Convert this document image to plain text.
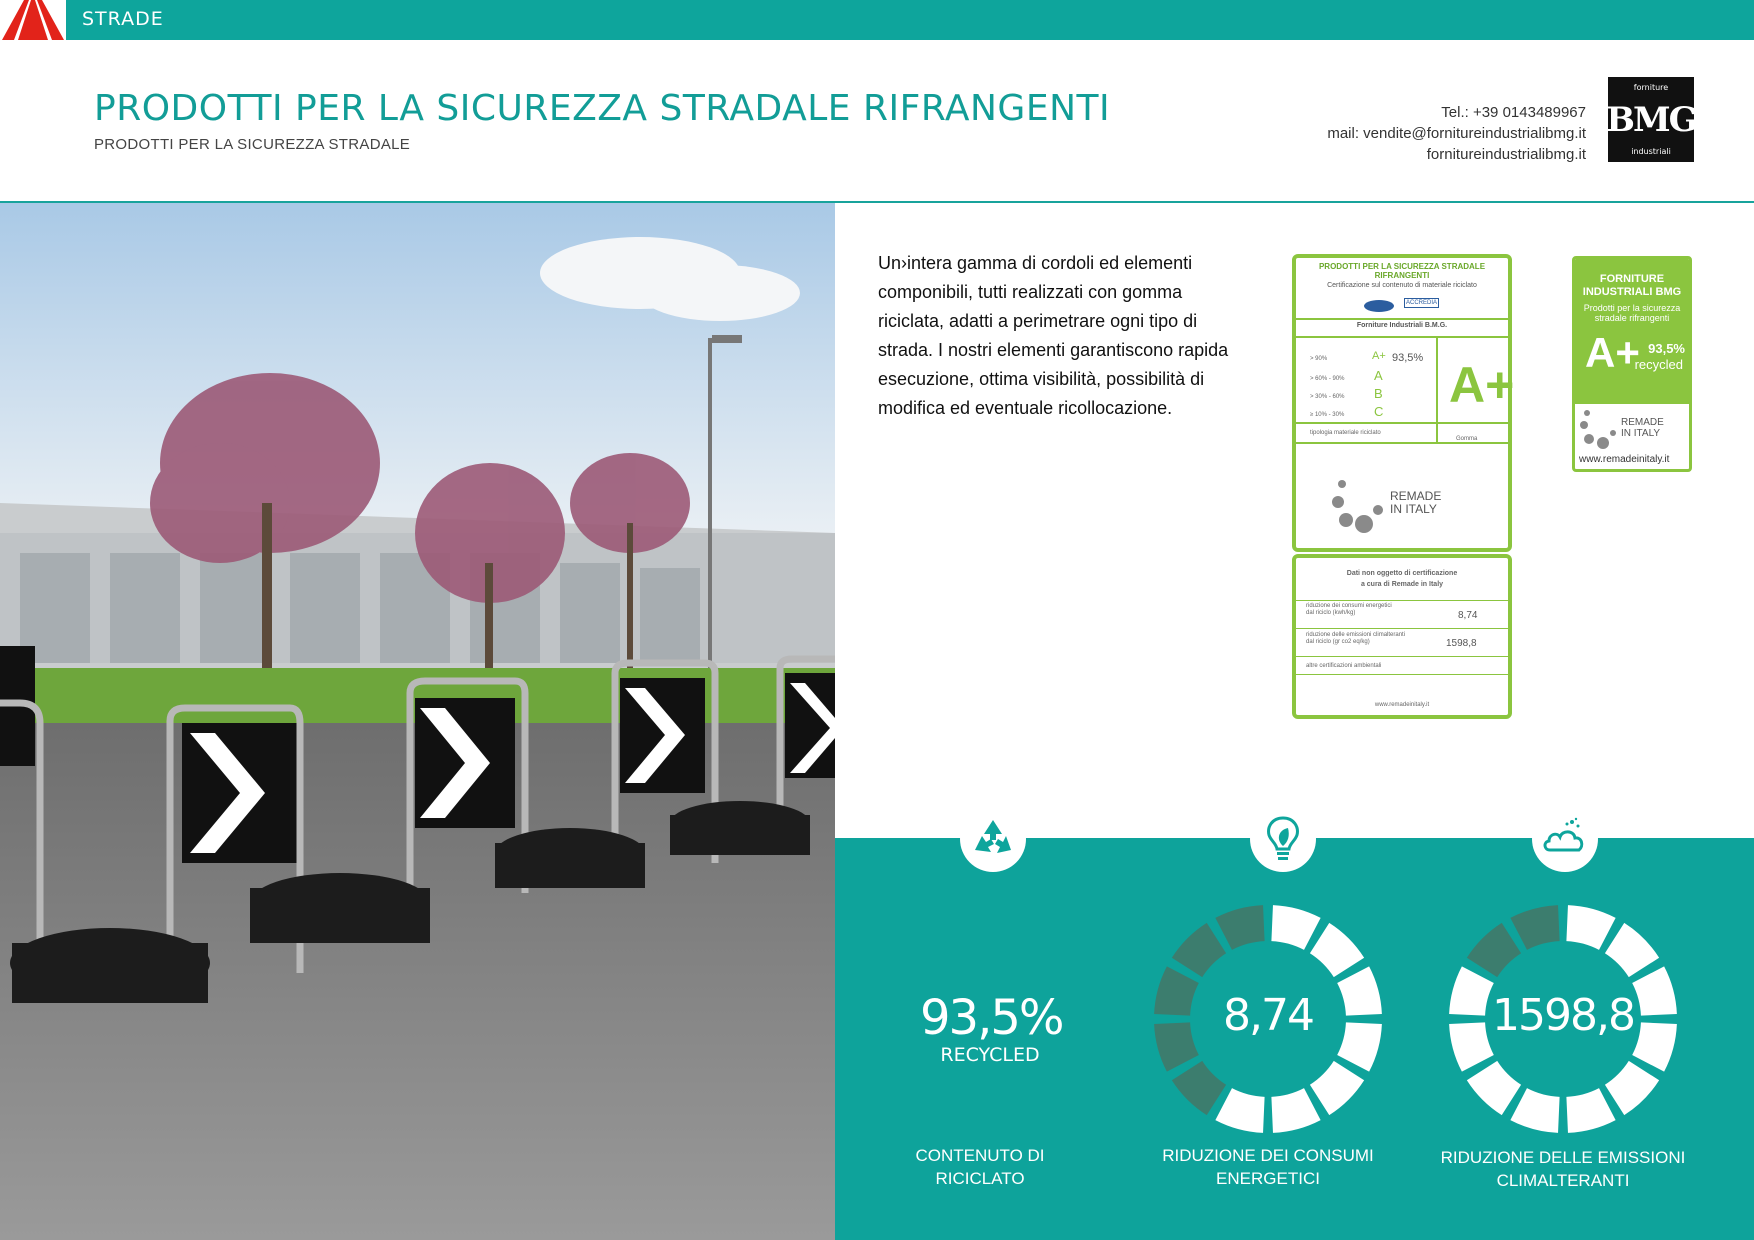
STRADE
PRODOTTI PER LA SICUREZZA STRADALE RIFRANGENTI
PRODOTTI PER LA SICUREZZA STRADALE
Tel.: +39 0143489967
mail: vendite@fornitureindustrialibmg.it
fornitureindustrialibmg.it
BMG
forniture
industriali
Un›intera gamma di cordoli ed elementi componibili, tutti realizzati con gomma riciclata, adatti a perimetrare ogni tipo di strada. I nostri elementi garantiscono rapida esecuzione, ottima visibilità, possibilità di modifica ed eventuale ricollocazione.
PRODOTTI PER LA SICUREZZA STRADALE RIFRANGENTI
Certificazione sul contenuto di materiale riciclato
ACCREDIA
Forniture Industriali B.M.G.
> 90%
> 60% - 90%
> 30% - 60%
≥ 10% - 30%
A+
A
B
C
93,5% A+
tipologia materiale riciclato
Gomma
REMADE
IN ITALY
Dati non oggetto di certificazione
a cura di Remade in Italy
riduzione dei consumi energetici
dal riciclo (kwh/kg)	8,74
riduzione delle emissioni climalteranti
dal riciclo (gr co2 eq/kg)	1598,8
altre certificazioni ambientali
www.remadeinitaly.it
FORNITURE
INDUSTRIALI BMG
Prodotti per la sicurezza
stradale rifrangenti
A+ 93,5%
recycled
REMADE
IN ITALY
www.remadeinitaly.it
93,5%
RECYCLED
CONTENUTO DI
RICICLATO
8,74
RIDUZIONE DEI CONSUMI
ENERGETICI
1598,8
RIDUZIONE DELLE EMISSIONI
CLIMALTERANTI
